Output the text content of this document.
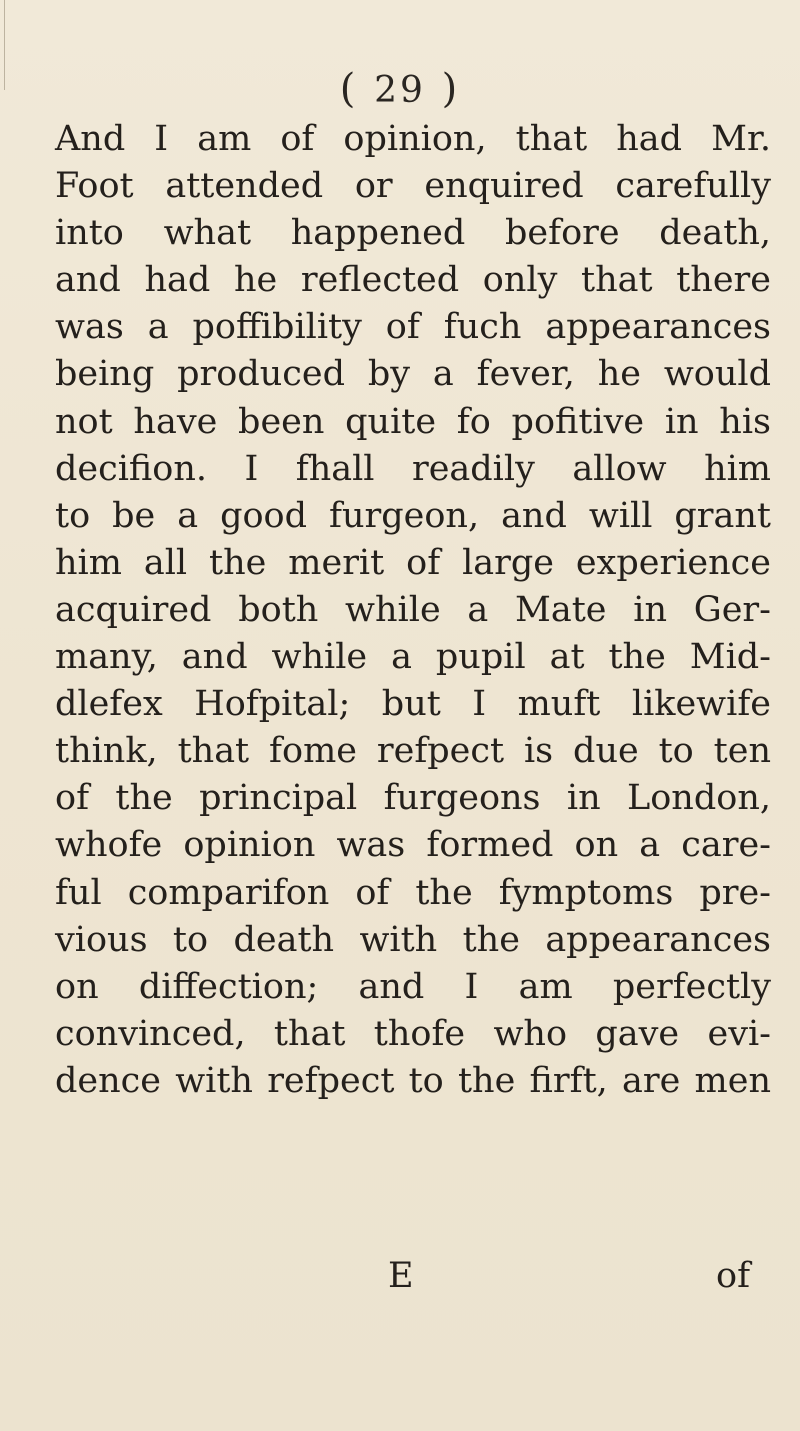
( 29 )
And I am of opinion, that had Mr.
Foot attended or enquired carefully
into what happened before death,
and had he reflected only that there
was a poffibility of fuch appearances
being produced by a fever, he would
not have been quite fo pofitive in his
decifion. I fhall readily allow him
to be a good furgeon, and will grant
him all the merit of large experience
acquired both while a Mate in Ger-
many, and while a pupil at the Mid-
dlefex Hofpital; but I muft likewife
think, that fome refpect is due to ten
of the principal furgeons in London,
whofe opinion was formed on a care-
ful comparifon of the fymptoms pre-
vious to death with the appearances
on diffection; and I am perfectly
convinced, that thofe who gave evi-
dence with refpect to the firft, are men
E	of
